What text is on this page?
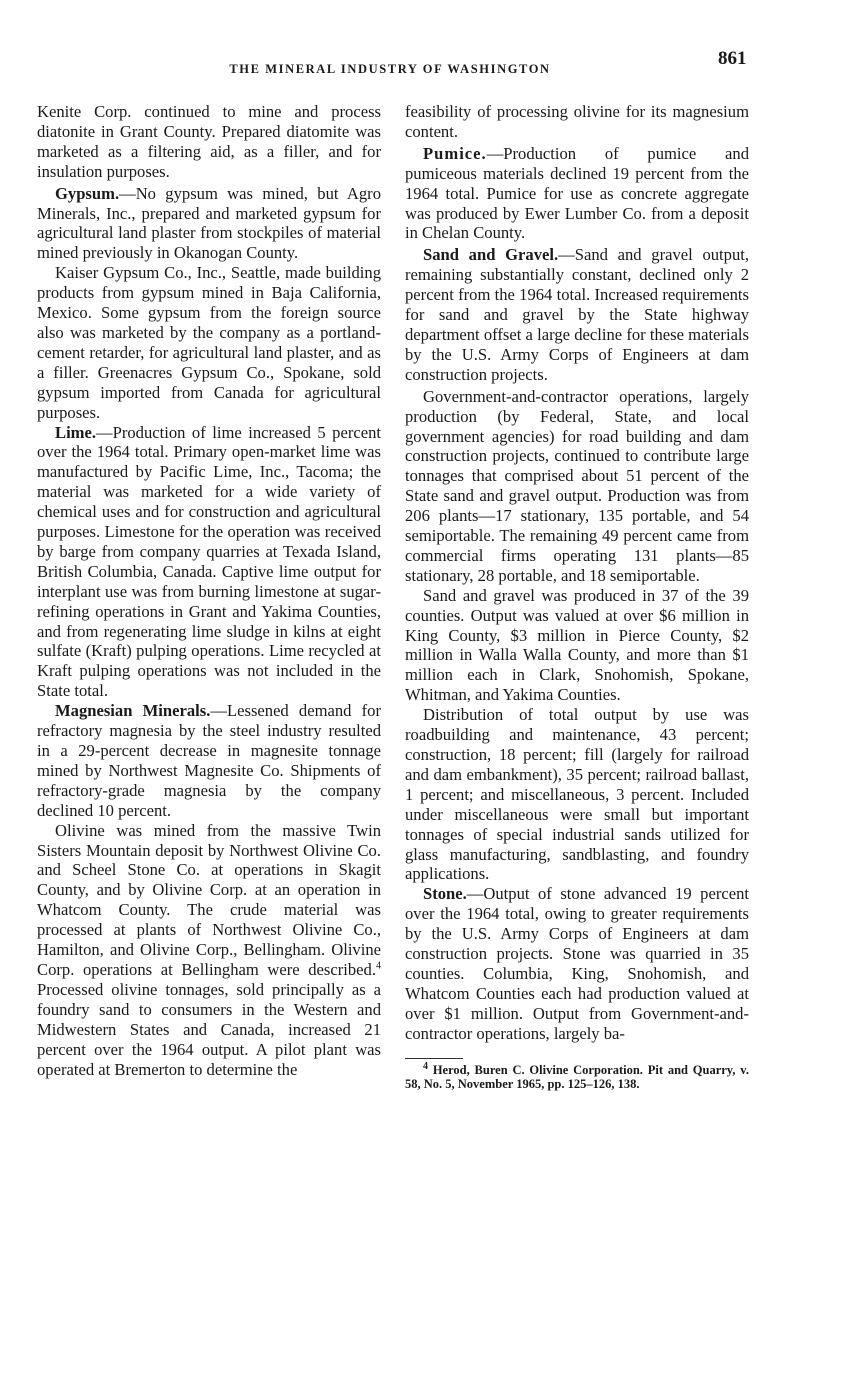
THE MINERAL INDUSTRY OF WASHINGTON	861

Kenite Corp. continued to mine and process diatonite in Grant County. Prepared diatomite was marketed as a filtering aid, as a filler, and for insulation purposes.

Gypsum.—No gypsum was mined, but Agro Minerals, Inc., prepared and marketed gypsum for agricultural land plaster from stockpiles of material mined previously in Okanogan County.

Kaiser Gypsum Co., Inc., Seattle, made building products from gypsum mined in Baja California, Mexico. Some gypsum from the foreign source also was marketed by the company as a portland-cement retarder, for agricultural land plaster, and as a filler. Greenacres Gypsum Co., Spokane, sold gypsum imported from Canada for agricultural purposes.

Lime.—Production of lime increased 5 percent over the 1964 total. Primary open-market lime was manufactured by Pacific Lime, Inc., Tacoma; the material was marketed for a wide variety of chemical uses and for construction and agricultural purposes. Limestone for the operation was received by barge from company quarries at Texada Island, British Columbia, Canada. Captive lime output for interplant use was from burning limestone at sugar-refining operations in Grant and Yakima Counties, and from regenerating lime sludge in kilns at eight sulfate (Kraft) pulping operations. Lime recycled at Kraft pulping operations was not included in the State total.

Magnesian Minerals.—Lessened demand for refractory magnesia by the steel industry resulted in a 29-percent decrease in magnesite tonnage mined by Northwest Magnesite Co. Shipments of refractory-grade magnesia by the company declined 10 percent.

Olivine was mined from the massive Twin Sisters Mountain deposit by Northwest Olivine Co. and Scheel Stone Co. at operations in Skagit County, and by Olivine Corp. at an operation in Whatcom County. The crude material was processed at plants of Northwest Olivine Co., Hamilton, and Olivine Corp., Bellingham. Olivine Corp. operations at Bellingham were described.$^4$ Processed olivine tonnages, sold principally as a foundry sand to consumers in the Western and Midwestern States and Canada, increased 21 percent over the 1964 output. A pilot plant was operated at Bremerton to determine the

feasibility of processing olivine for its magnesium content.

Pumice.—Production of pumice and pumiceous materials declined 19 percent from the 1964 total. Pumice for use as concrete aggregate was produced by Ewer Lumber Co. from a deposit in Chelan County.

Sand and Gravel.—Sand and gravel output, remaining substantially constant, declined only 2 percent from the 1964 total. Increased requirements for sand and gravel by the State highway department offset a large decline for these materials by the U.S. Army Corps of Engineers at dam construction projects.

Government-and-contractor operations, largely production (by Federal, State, and local government agencies) for road building and dam construction projects, continued to contribute large tonnages that comprised about 51 percent of the State sand and gravel output. Production was from 206 plants—17 stationary, 135 portable, and 54 semiportable. The remaining 49 percent came from commercial firms operating 131 plants—85 stationary, 28 portable, and 18 semiportable.

Sand and gravel was produced in 37 of the 39 counties. Output was valued at over $6 million in King County, $3 million in Pierce County, $2 million in Walla Walla County, and more than $1 million each in Clark, Snohomish, Spokane, Whitman, and Yakima Counties.

Distribution of total output by use was roadbuilding and maintenance, 43 percent; construction, 18 percent; fill (largely for railroad and dam embankment), 35 percent; railroad ballast, 1 percent; and miscellaneous, 3 percent. Included under miscellaneous were small but important tonnages of special industrial sands utilized for glass manufacturing, sandblasting, and foundry applications.

Stone.—Output of stone advanced 19 percent over the 1964 total, owing to greater requirements by the U.S. Army Corps of Engineers at dam construction projects. Stone was quarried in 35 counties. Columbia, King, Snohomish, and Whatcom Counties each had production valued at over $1 million. Output from Government-and-contractor operations, largely ba-

$^4$ Herod, Buren C. Olivine Corporation. Pit and Quarry, v. 58, No. 5, November 1965, pp. 125–126, 138.
